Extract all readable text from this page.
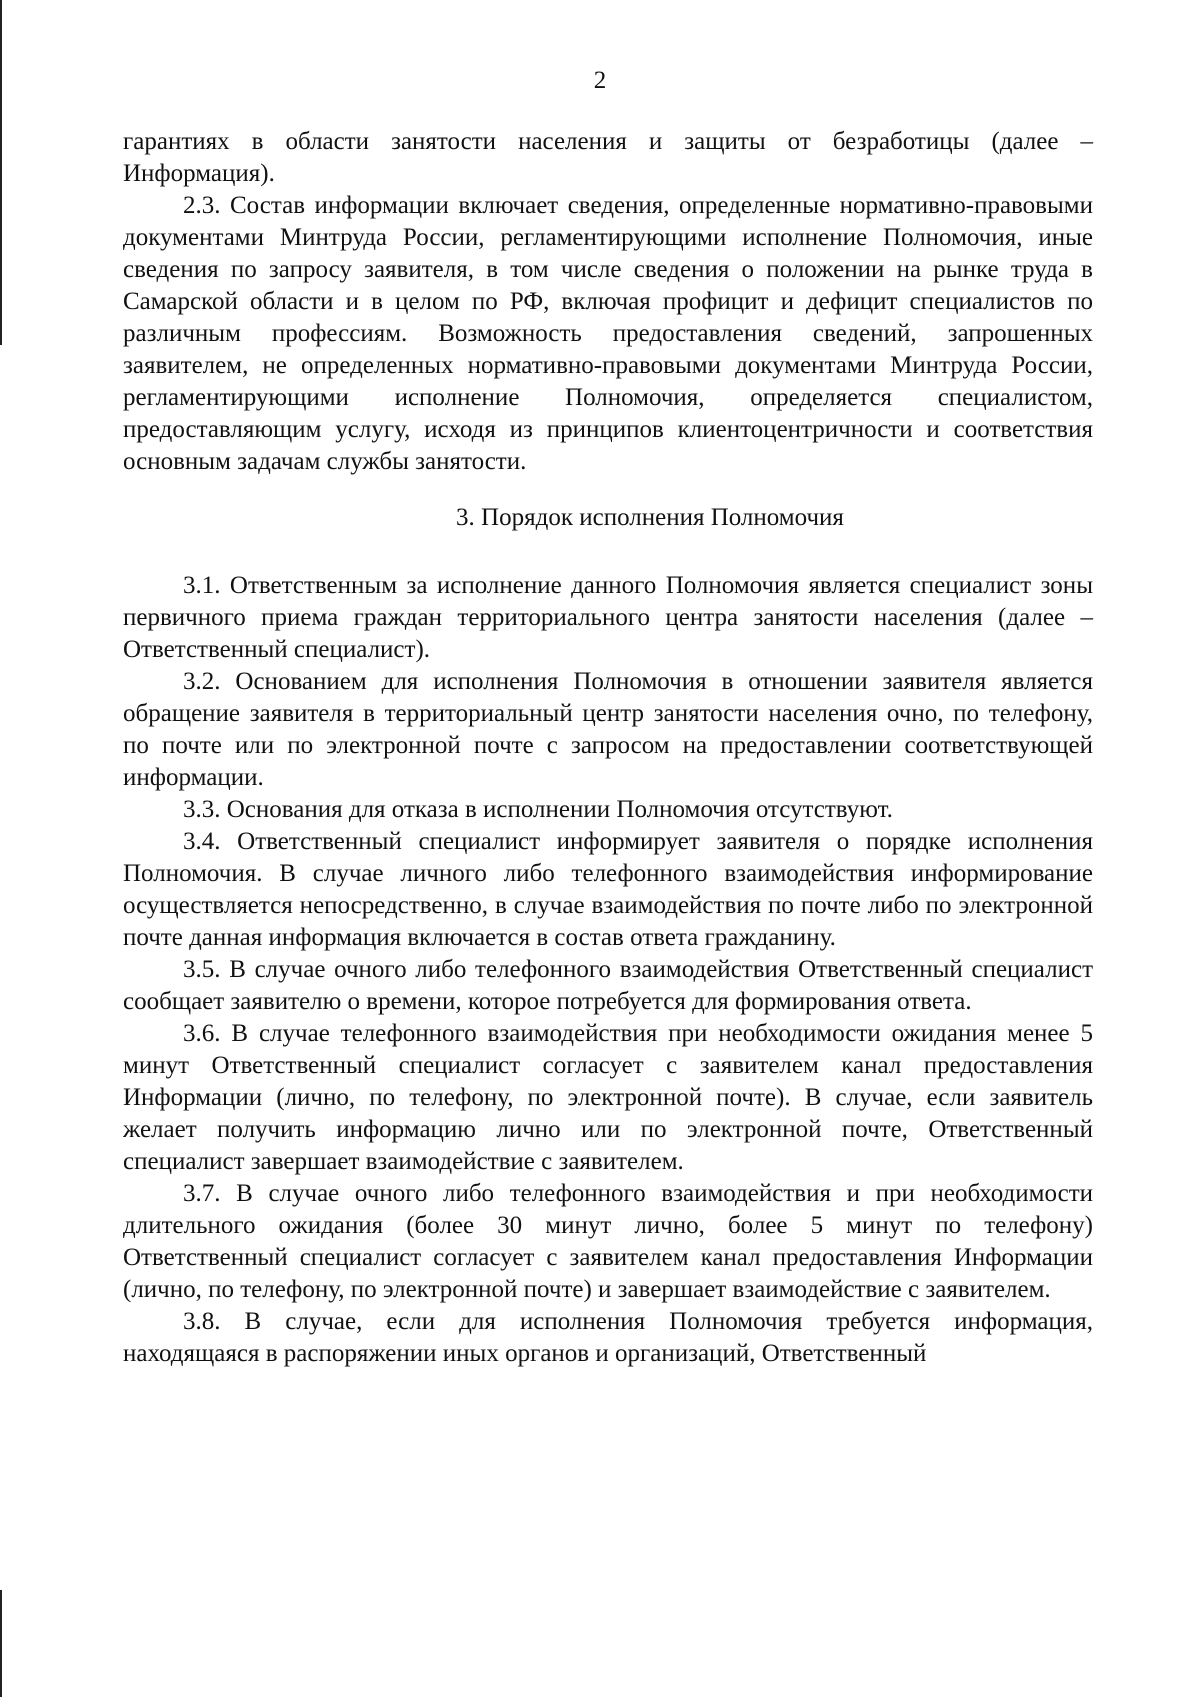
2

гарантиях в области занятости населения и защиты от безработицы (далее – Информация).

2.3. Состав информации включает сведения, определенные нормативно-правовыми документами Минтруда России, регламентирующими исполнение Полномочия, иные сведения по запросу заявителя, в том числе сведения о положении на рынке труда в Самарской области и в целом по РФ, включая профицит и дефицит специалистов по различным профессиям. Возможность предоставления сведений, запрошенных заявителем, не определенных нормативно-правовыми документами Минтруда России, регламентирующими исполнение Полномочия, определяется специалистом, предоставляющим услугу, исходя из принципов клиентоцентричности и соответствия основным задачам службы занятости.

3. Порядок исполнения Полномочия

3.1. Ответственным за исполнение данного Полномочия является специалист зоны первичного приема граждан территориального центра занятости населения (далее – Ответственный специалист).

3.2. Основанием для исполнения Полномочия в отношении заявителя является обращение заявителя в территориальный центр занятости населения очно, по телефону, по почте или по электронной почте с запросом на предоставлении соответствующей информации.

3.3. Основания для отказа в исполнении Полномочия отсутствуют.

3.4. Ответственный специалист информирует заявителя о порядке исполнения Полномочия. В случае личного либо телефонного взаимодействия информирование осуществляется непосредственно, в случае взаимодействия по почте либо по электронной почте данная информация включается в состав ответа гражданину.

3.5. В случае очного либо телефонного взаимодействия Ответственный специалист сообщает заявителю о времени, которое потребуется для формирования ответа.

3.6. В случае телефонного взаимодействия при необходимости ожидания менее 5 минут Ответственный специалист согласует с заявителем канал предоставления Информации (лично, по телефону, по электронной почте). В случае, если заявитель желает получить информацию лично или по электронной почте, Ответственный специалист завершает взаимодействие с заявителем.

3.7. В случае очного либо телефонного взаимодействия и при необходимости длительного ожидания (более 30 минут лично, более 5 минут по телефону) Ответственный специалист согласует с заявителем канал предоставления Информации (лично, по телефону, по электронной почте) и завершает взаимодействие с заявителем.

3.8. В случае, если для исполнения Полномочия требуется информация, находящаяся в распоряжении иных органов и организаций, Ответственный
